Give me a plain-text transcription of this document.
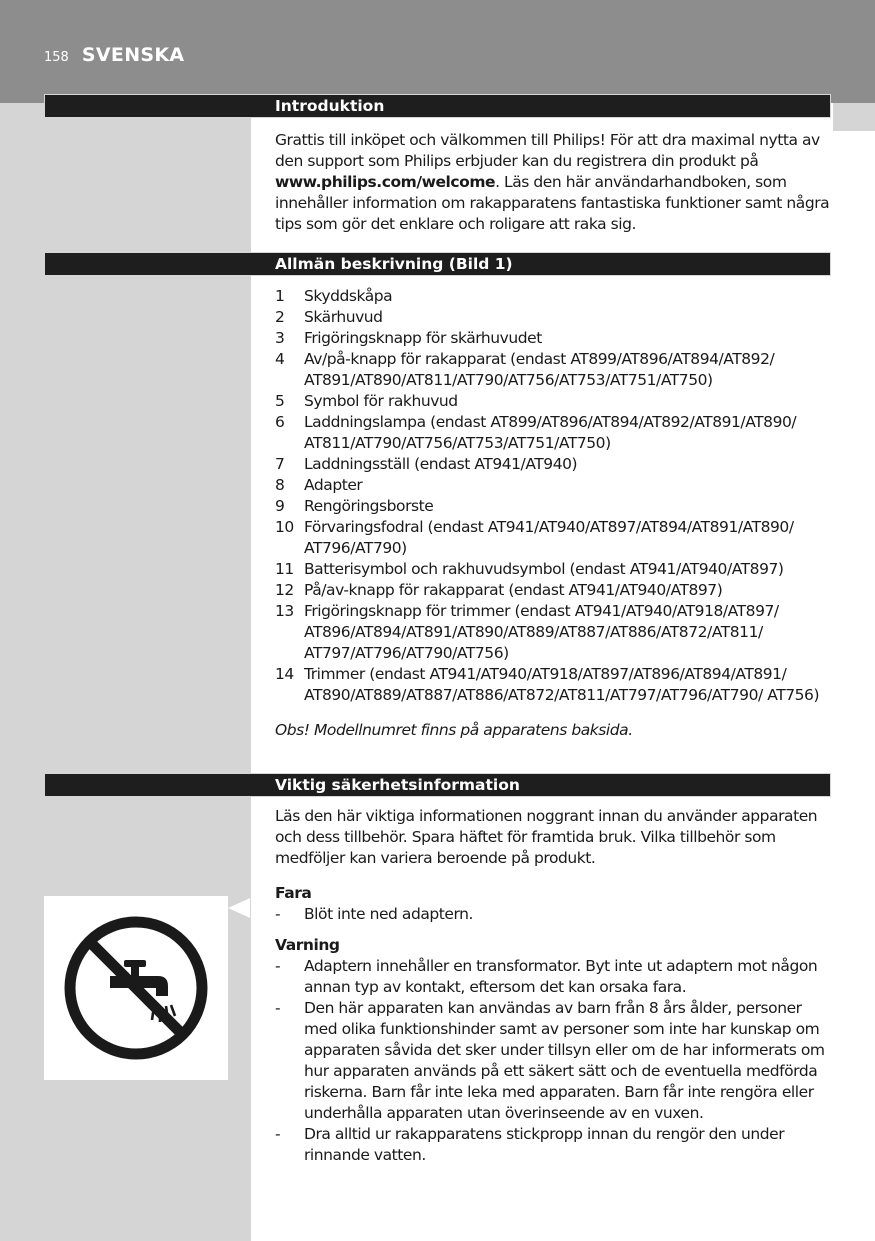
158 SVENSKA
Introduktion

Grattis till inköpet och välkommen till Philips! För att dra maximal nytta av den support som Philips erbjuder kan du registrera din produkt på www.philips.com/welcome. Läs den här användarhandboken, som innehåller information om rakapparatens fantastiska funktioner samt några tips som gör det enklare och roligare att raka sig.

Allmän beskrivning (Bild 1)
1	Skyddskåpa
2	Skärhuvud
3	Frigöringsknapp för skärhuvudet
4	Av/på-knapp för rakapparat (endast AT899/AT896/AT894/AT892/ AT891/AT890/AT811/AT790/AT756/AT753/AT751/AT750)
5	Symbol för rakhuvud
6	Laddningslampa (endast AT899/AT896/AT894/AT892/AT891/AT890/ AT811/AT790/AT756/AT753/AT751/AT750)
7	Laddningsställ (endast AT941/AT940)
8	Adapter
9	Rengöringsborste
10 Förvaringsfodral (endast AT941/AT940/AT897/AT894/AT891/AT890/ AT796/AT790)
11 Batterisymbol och rakhuvudsymbol (endast AT941/AT940/AT897)
12 På/av-knapp för rakapparat (endast AT941/AT940/AT897)
13 Frigöringsknapp för trimmer (endast AT941/AT940/AT918/AT897/ AT896/AT894/AT891/AT890/AT889/AT887/AT886/AT872/AT811/ AT797/AT796/AT790/AT756)
14 Trimmer (endast AT941/AT940/AT918/AT897/AT896/AT894/AT891/ AT890/AT889/AT887/AT886/AT872/AT811/AT797/AT796/AT790/ AT756)

Obs! Modellnumret finns på apparatens baksida.

Viktig säkerhetsinformation

Läs den här viktiga informationen noggrant innan du använder apparaten och dess tillbehör. Spara häftet för framtida bruk. Vilka tillbehör som medföljer kan variera beroende på produkt.

Fara

-	Blöt inte ned adaptern.

Varning

-	Adaptern innehåller en transformator. Byt inte ut adaptern mot någon annan typ av kontakt, eftersom det kan orsaka fara.
-	Den här apparaten kan användas av barn från 8 års ålder, personer med olika funktionshinder samt av personer som inte har kunskap om apparaten såvida det sker under tillsyn eller om de har informerats om hur apparaten används på ett säkert sätt och de eventuella medförda riskerna. Barn får inte leka med apparaten. Barn får inte rengöra eller underhålla apparaten utan överinseende av en vuxen.
-	Dra alltid ur rakapparatens stickpropp innan du rengör den under rinnande vatten.
